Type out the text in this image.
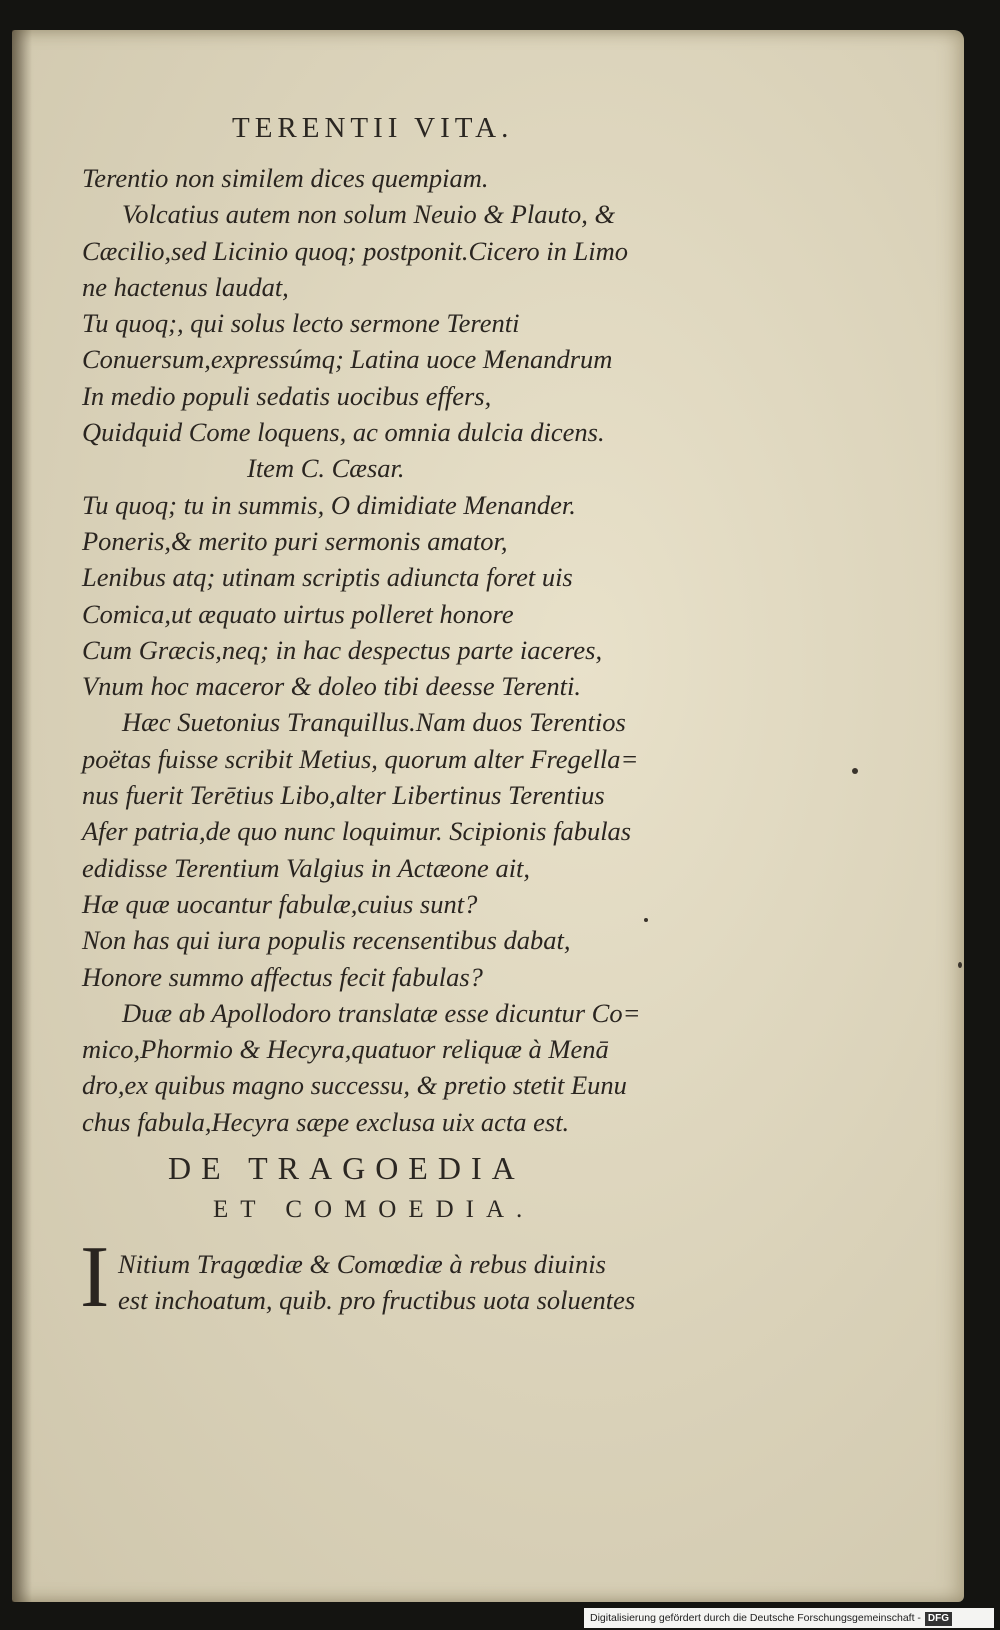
TERENTII VITA.
Terentio non similem dices quempiam.
Volcatius autem non solum Neuio & Plauto, &
Cæcilio,sed Licinio quoq; postponit.Cicero in Limo
ne hactenus laudat,
Tu quoq;, qui solus lecto sermone Terenti
Conuersum,expressúmq; Latina uoce Menandrum
In medio populi sedatis uocibus effers,
Quidquid Come loquens, ac omnia dulcia dicens.
Item C. Cæsar.
Tu quoq; tu in summis, O dimidiate Menander.
Poneris,& merito puri sermonis amator,
Lenibus atq; utinam scriptis adiuncta foret uis
Comica,ut æquato uirtus polleret honore
Cum Græcis,neq; in hac despectus parte iaceres,
Vnum hoc maceror & doleo tibi deesse Terenti.
Hæc Suetonius Tranquillus.Nam duos Terentios
poëtas fuisse scribit Metius, quorum alter Fregella=
nus fuerit Terētius Libo,alter Libertinus Terentius
Afer patria,de quo nunc loquimur. Scipionis fabulas
edidisse Terentium Valgius in Actæone ait,
Hæ quæ uocantur fabulæ,cuius sunt?
Non has qui iura populis recensentibus dabat,
Honore summo affectus fecit fabulas?
Duæ ab Apollodoro translatæ esse dicuntur Co=
mico,Phormio & Hecyra,quatuor reliquæ à Menā
dro,ex quibus magno successu, & pretio stetit Eunu
chus fabula,Hecyra sæpe exclusa uix acta est.
DE TRAGOEDIA
ET COMOEDIA.
I Nitium Tragœdiæ & Comœdiæ à rebus diuinis
est inchoatum, quib. pro fructibus uota soluentes
Digitalisierung gefördert durch die Deutsche Forschungsgemeinschaft - DFG
